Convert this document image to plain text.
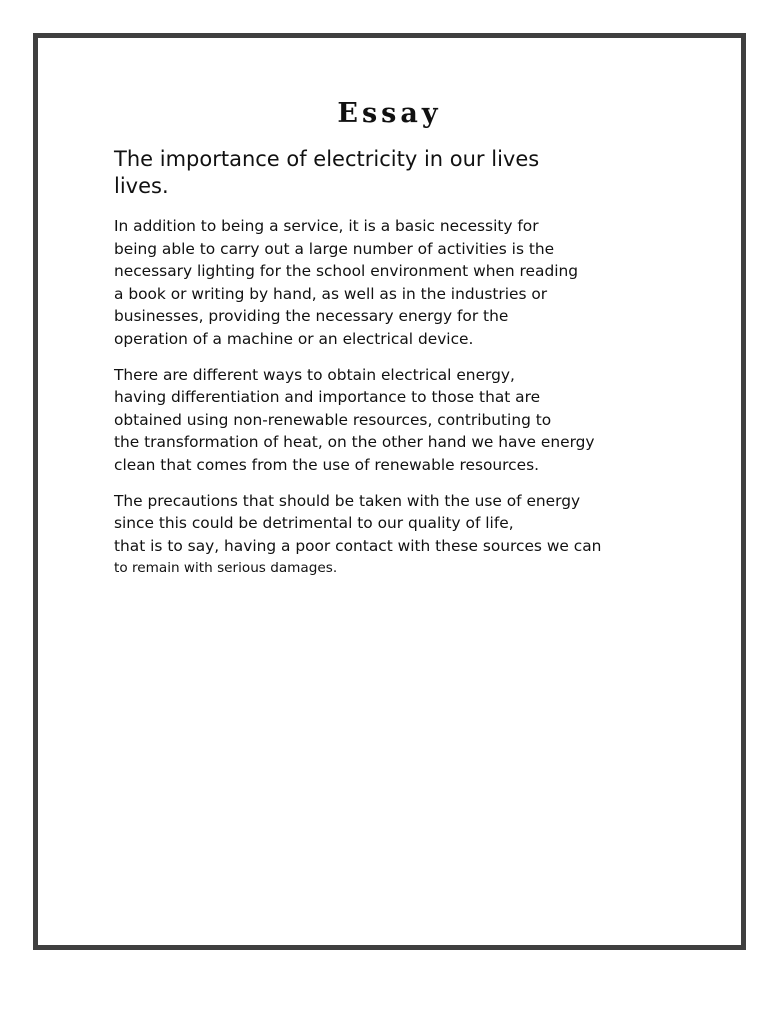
Essay
The importance of electricity in our lives
lives.

In addition to being a service, it is a basic necessity for
being able to carry out a large number of activities is the
necessary lighting for the school environment when reading
a book or writing by hand, as well as in the industries or
businesses, providing the necessary energy for the
operation of a machine or an electrical device.

There are different ways to obtain electrical energy,
having differentiation and importance to those that are
obtained using non-renewable resources, contributing to
the transformation of heat, on the other hand we have energy
clean that comes from the use of renewable resources.

The precautions that should be taken with the use of energy
since this could be detrimental to our quality of life,
that is to say, having a poor contact with these sources we can
to remain with serious damages.
